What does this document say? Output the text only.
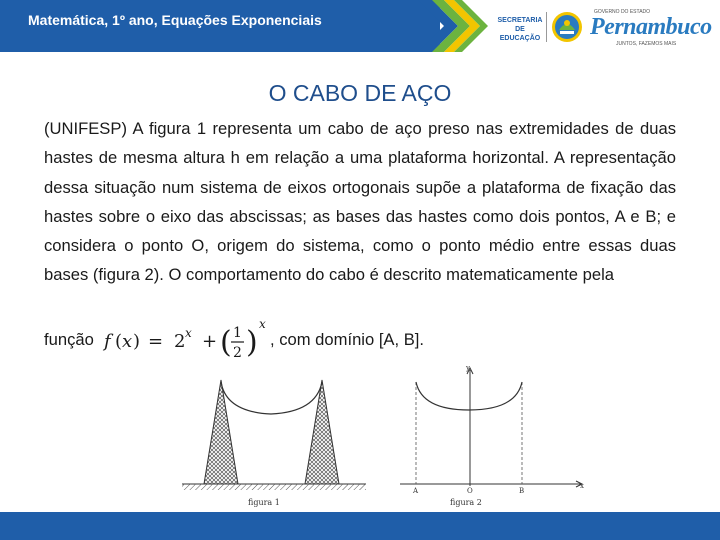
Matemática, 1º ano, Equações Exponenciais	SECRETARIA
DE EDUCAÇÃO
GOVERNO DO ESTADO
Pernambuco
JUNTOS, FAZEMOS MAIS
O CABO DE AÇO
(UNIFESP) A figura 1 representa um cabo de aço preso nas extremidades de duas hastes de mesma altura h em relação a uma plataforma horizontal. A representação dessa situação num sistema de eixos ortogonais supõe a plataforma de fixação das hastes sobre o eixo das abscissas; as bases das hastes como dois pontos, A e B; e considera o ponto O, origem do sistema, como o ponto médio entre essas duas bases (figura 2). O comportamento do cabo é descrito matematicamente pela
função f ( x ) = 2 x + ( 1
2 )
x
, com domínio [A, B].
figura 1
y
x
A	O	B
figura 2
